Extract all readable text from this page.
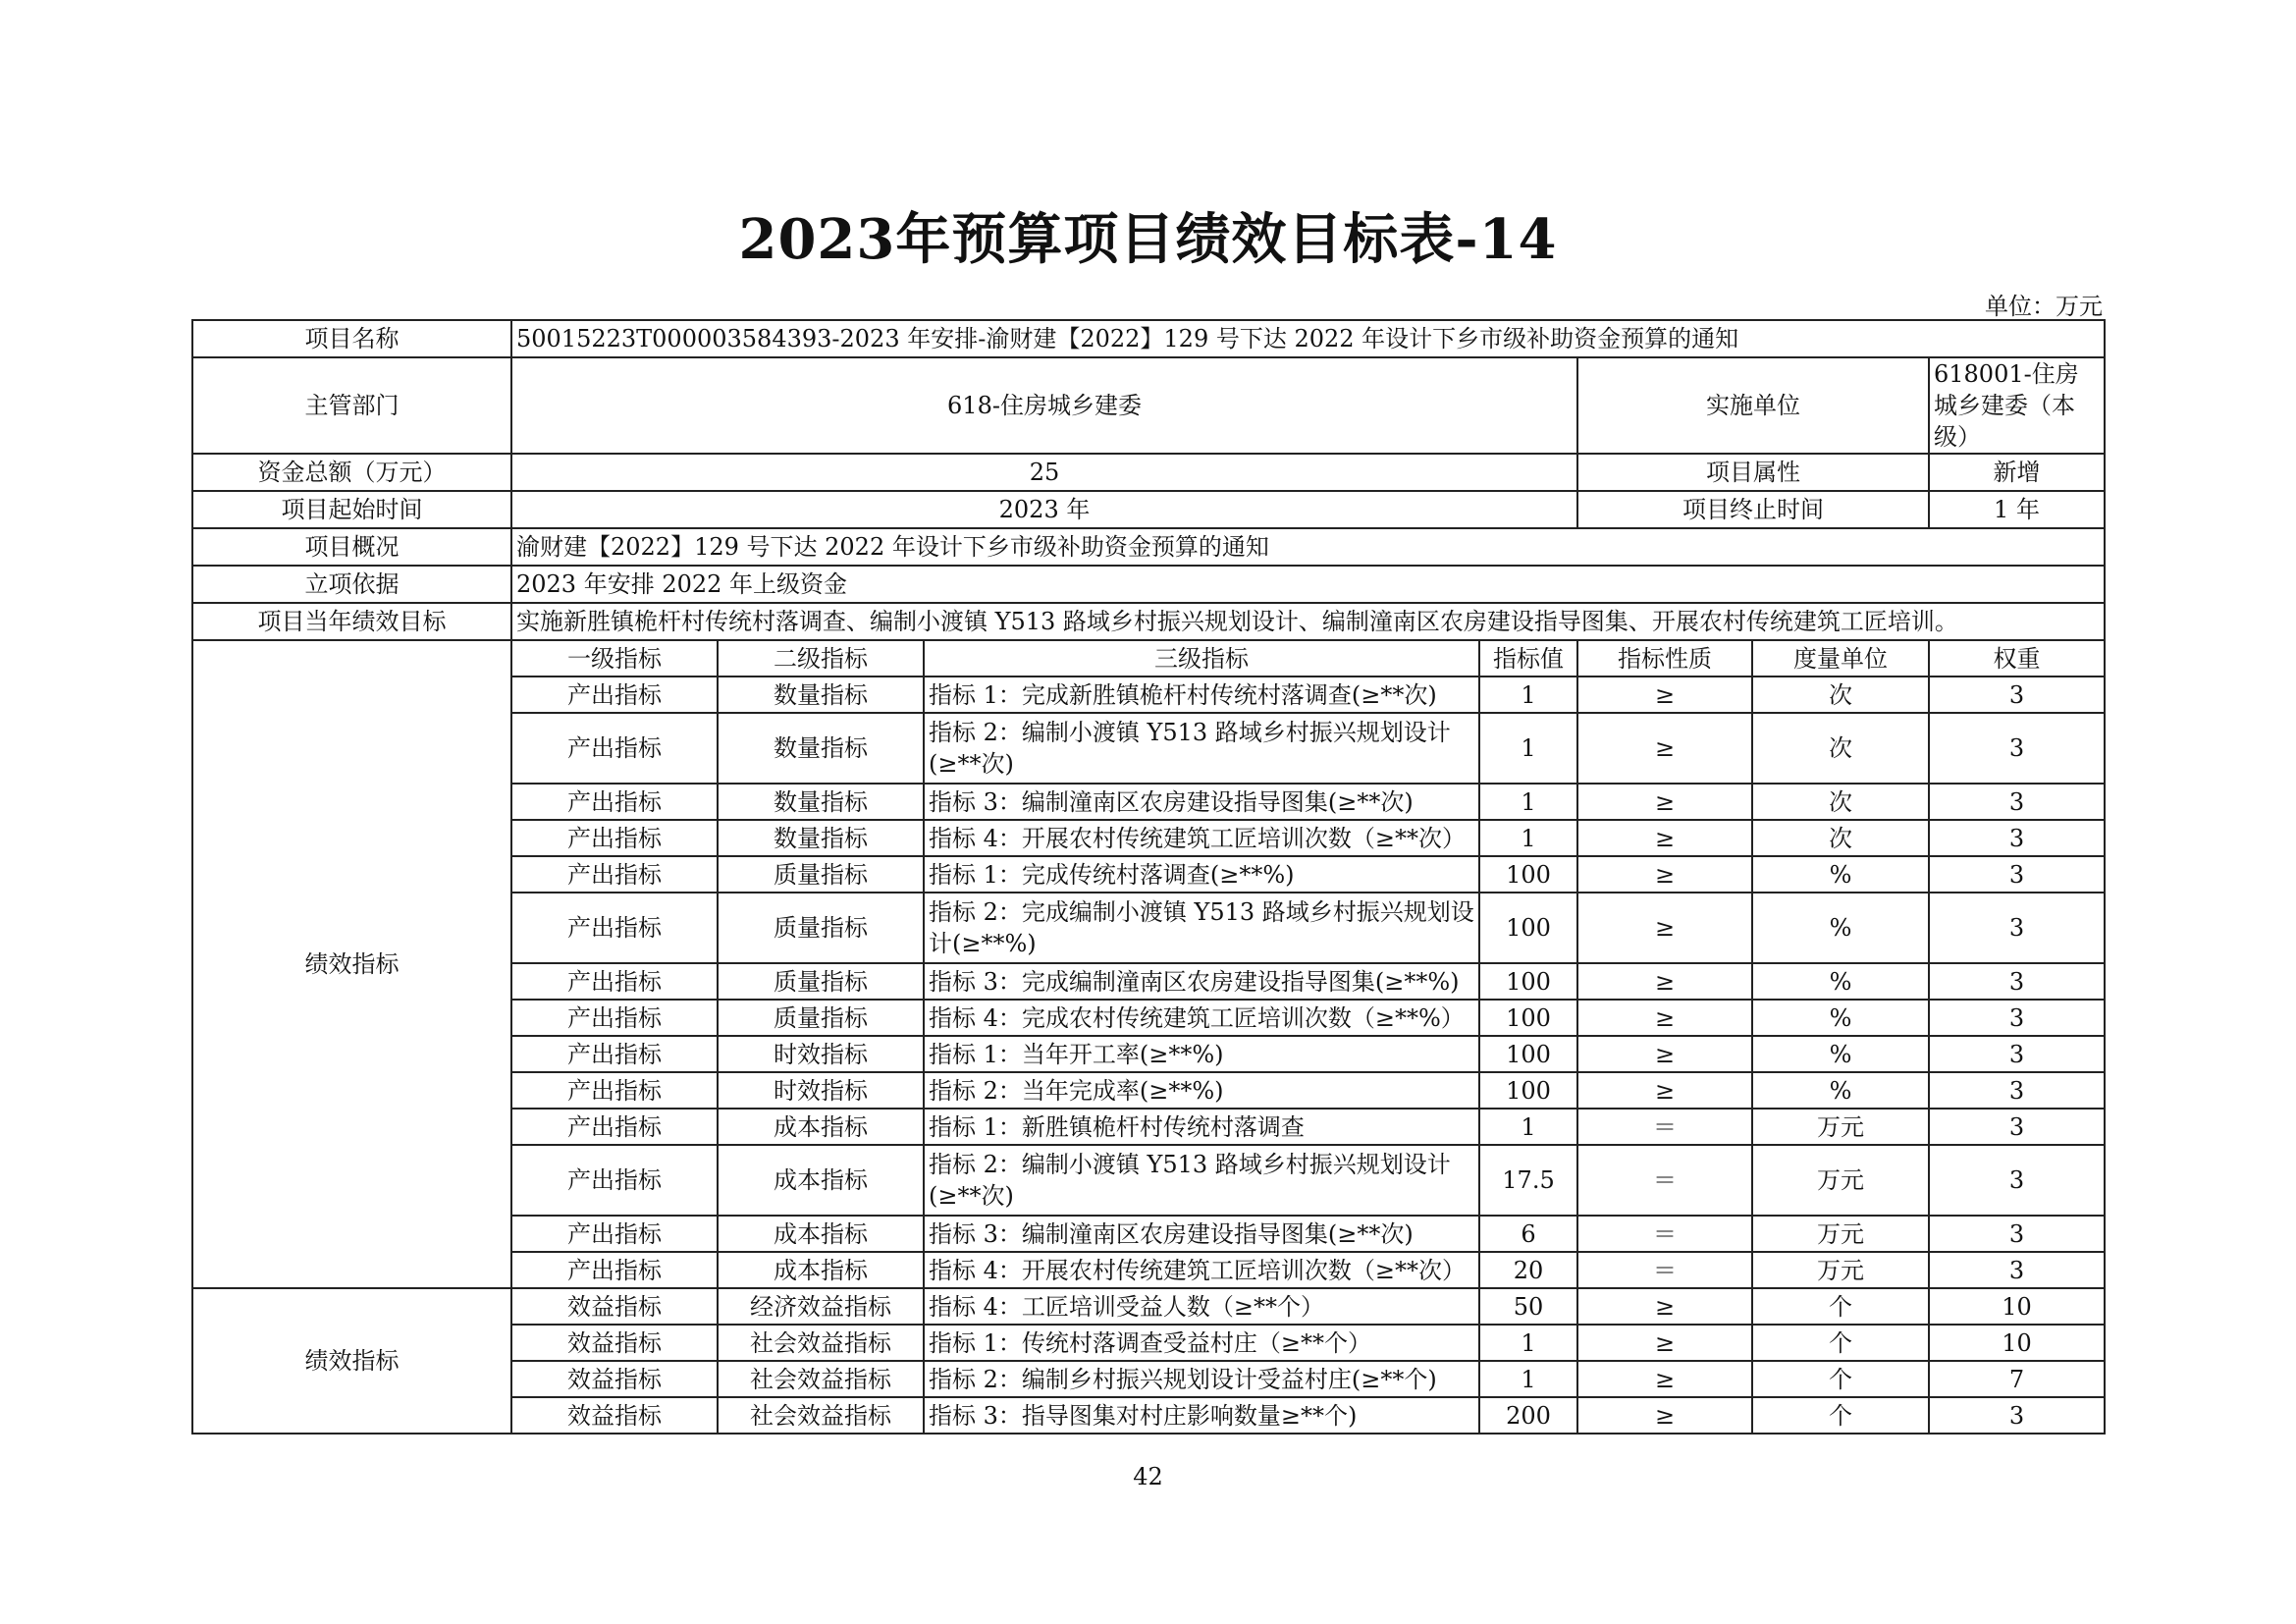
2023年预算项目绩效目标表-14
单位：万元
项目名称	50015223T000003584393-2023 年安排-渝财建【2022】129 号下达 2022 年设计下乡市级补助资金预算的通知						
主管部门	618-住房城乡建委				实施单位		618001-住房城乡建委（本级）
资金总额（万元）	25				项目属性		新增
项目起始时间	2023 年				项目终止时间		1 年
项目概况	渝财建【2022】129 号下达 2022 年设计下乡市级补助资金预算的通知						
立项依据	2023 年安排 2022 年上级资金						
项目当年绩效目标	实施新胜镇桅杆村传统村落调查、编制小渡镇 Y513 路域乡村振兴规划设计、编制潼南区农房建设指导图集、开展农村传统建筑工匠培训。						
绩效指标	一级指标	二级指标	三级指标	指标值	指标性质	度量单位	权重
	产出指标	数量指标	指标 1：完成新胜镇桅杆村传统村落调查(≥**次)	1	≥	次	3
	产出指标	数量指标	指标 2：编制小渡镇 Y513 路域乡村振兴规划设计(≥**次)	1	≥	次	3
	产出指标	数量指标	指标 3：编制潼南区农房建设指导图集(≥**次)	1	≥	次	3
	产出指标	数量指标	指标 4：开展农村传统建筑工匠培训次数（≥**次）	1	≥	次	3
	产出指标	质量指标	指标 1：完成传统村落调查(≥**%)	100	≥	%	3
	产出指标	质量指标	指标 2：完成编制小渡镇 Y513 路域乡村振兴规划设计(≥**%)	100	≥	%	3
	产出指标	质量指标	指标 3：完成编制潼南区农房建设指导图集(≥**%)	100	≥	%	3
	产出指标	质量指标	指标 4：完成农村传统建筑工匠培训次数（≥**%）	100	≥	%	3
	产出指标	时效指标	指标 1：当年开工率(≥**%)	100	≥	%	3
	产出指标	时效指标	指标 2：当年完成率(≥**%)	100	≥	%	3
	产出指标	成本指标	指标 1：新胜镇桅杆村传统村落调查	1	＝	万元	3
	产出指标	成本指标	指标 2：编制小渡镇 Y513 路域乡村振兴规划设计(≥**次)	17.5	＝	万元	3
	产出指标	成本指标	指标 3：编制潼南区农房建设指导图集(≥**次)	6	＝	万元	3
	产出指标	成本指标	指标 4：开展农村传统建筑工匠培训次数（≥**次）	20	＝	万元	3
绩效指标	效益指标	经济效益指标	指标 4：工匠培训受益人数（≥**个）	50	≥	个	10
	效益指标	社会效益指标	指标 1：传统村落调查受益村庄（≥**个）	1	≥	个	10
	效益指标	社会效益指标	指标 2：编制乡村振兴规划设计受益村庄(≥**个)	1	≥	个	7
	效益指标	社会效益指标	指标 3：指导图集对村庄影响数量≥**个)	200	≥	个	3
42
